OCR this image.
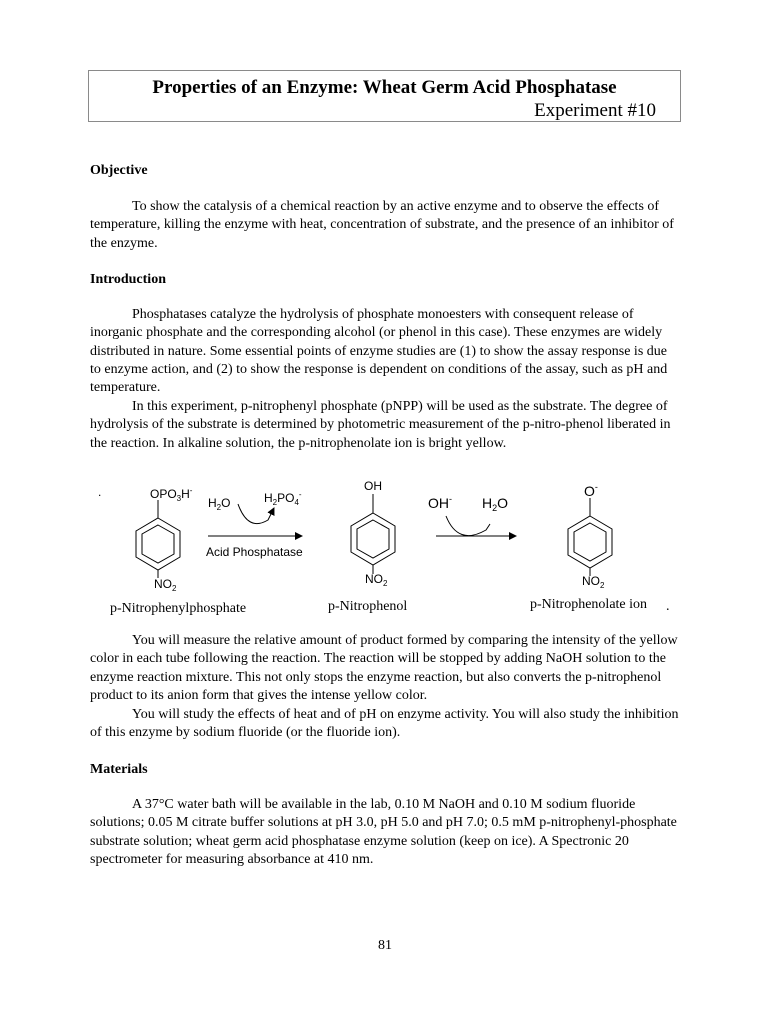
Properties of an Enzyme: Wheat Germ Acid Phosphatase
Experiment #10
Objective

To show the catalysis of a chemical reaction by an active enzyme and to observe the effects of temperature, killing the enzyme with heat, concentration of substrate, and the presence of an inhibitor of the enzyme.

Introduction

Phosphatases catalyze the hydrolysis of phosphate monoesters with consequent release of inorganic phosphate and the corresponding alcohol (or phenol in this case). These enzymes are widely distributed in nature. Some essential points of enzyme studies are (1) to show the assay response is due to enzyme action, and (2) to show the response is dependent on conditions of the assay, such as pH and temperature.

In this experiment, p-nitrophenyl phosphate (pNPP) will be used as the substrate. The degree of hydrolysis of the substrate is determined by photometric measurement of the p-nitro-phenol liberated in the reaction. In alkaline solution, the p-nitrophenolate ion is bright yellow.

.	$OPO_3H^-$
$NO_2$
$H_2O$	$H_2PO_4^-$
Acid Phosphatase
OH
$NO_2$
OH- $H_2O$
O-
$NO_2$
p-Nitrophenylphosphate	p-Nitrophenol	p-Nitrophenolate ion .

You will measure the relative amount of product formed by comparing the intensity of the yellow color in each tube following the reaction. The reaction will be stopped by adding NaOH solution to the enzyme reaction mixture. This not only stops the enzyme reaction, but also converts the p-nitrophenol product to its anion form that gives the intense yellow color.

You will study the effects of heat and of pH on enzyme activity. You will also study the inhibition of this enzyme by sodium fluoride (or the fluoride ion).

Materials

A 37°C water bath will be available in the lab, 0.10 M NaOH and 0.10 M sodium fluoride solutions; 0.05 M citrate buffer solutions at pH 3.0, pH 5.0 and pH 7.0; 0.5 mM p-nitrophenyl-phosphate substrate solution; wheat germ acid phosphatase enzyme solution (keep on ice). A Spectronic 20 spectrometer for measuring absorbance at 410 nm.

81
